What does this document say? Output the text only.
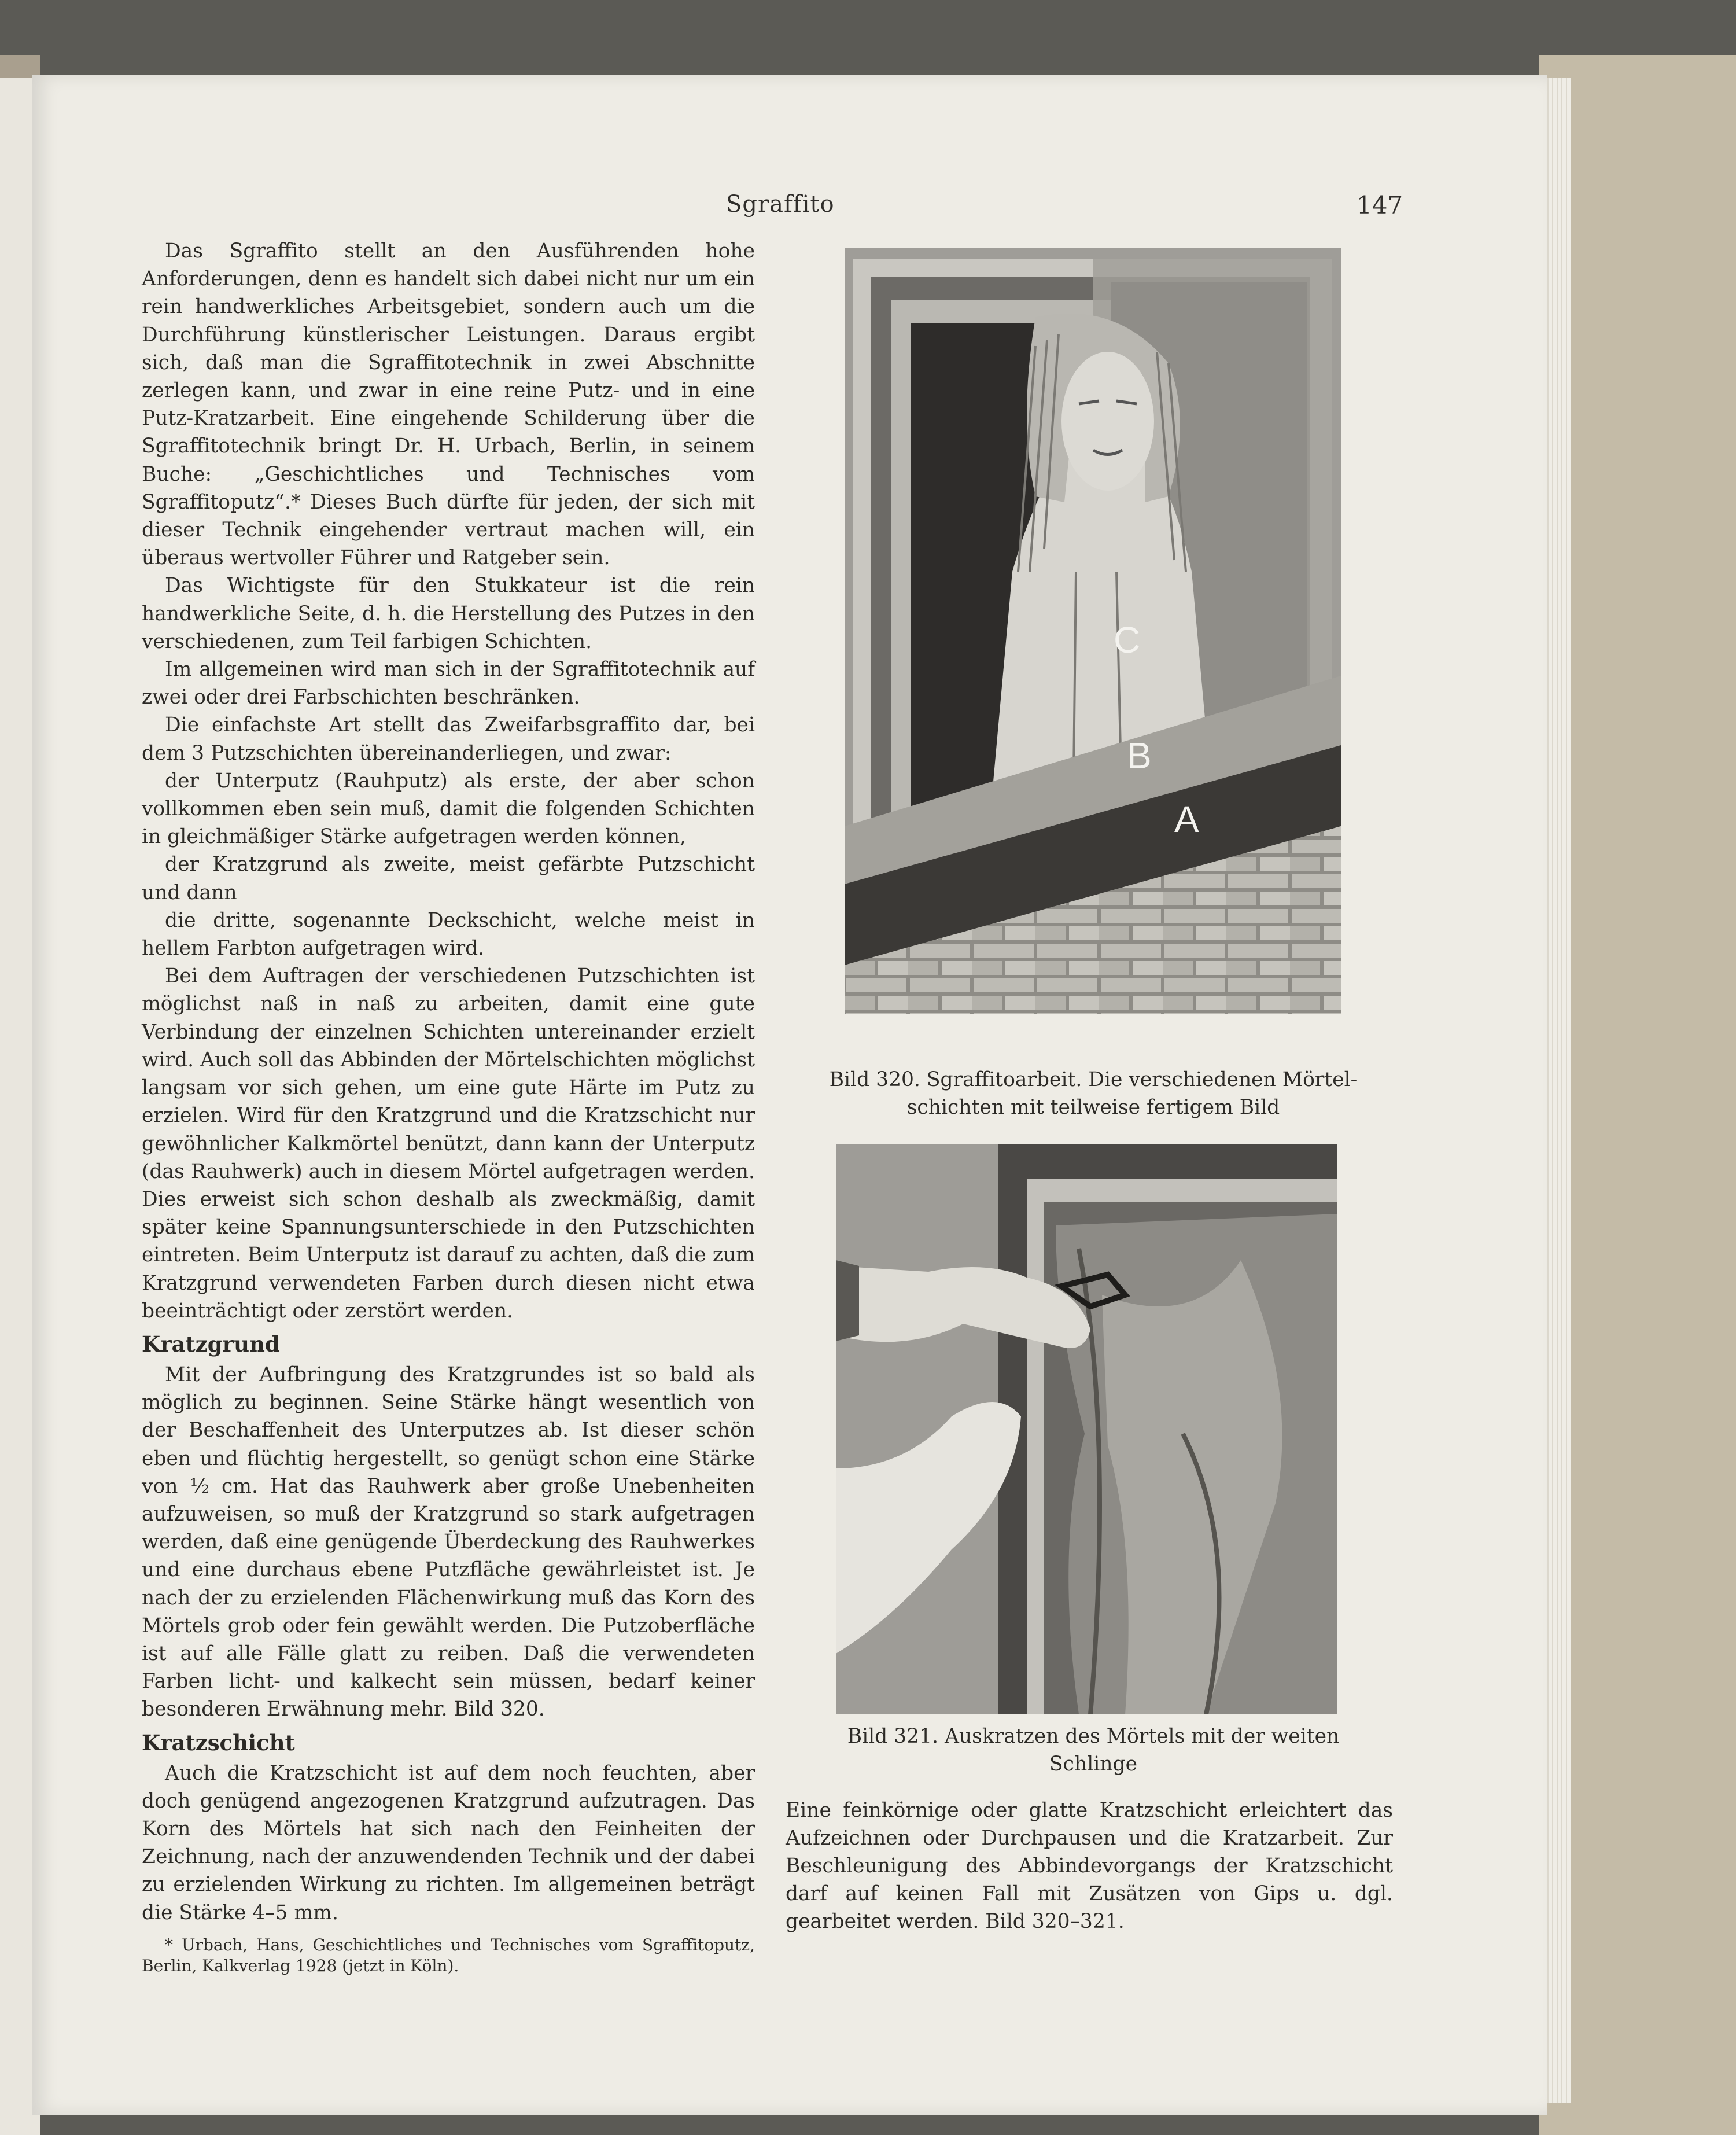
Sgraffito	147

Das Sgraffito stellt an den Ausführenden hohe Anforderungen, denn es handelt sich dabei nicht nur um ein rein handwerkliches Arbeitsgebiet, sondern auch um die Durchführung künstlerischer Leistungen. Daraus ergibt sich, daß man die Sgraffitotechnik in zwei Abschnitte zerlegen kann, und zwar in eine reine Putz- und in eine Putz-Kratzarbeit. Eine eingehende Schilderung über die Sgraffitotechnik bringt Dr. H. Urbach, Berlin, in seinem Buche: „Geschichtliches und Technisches vom Sgraffitoputz“.* Dieses Buch dürfte für jeden, der sich mit dieser Technik eingehender vertraut machen will, ein überaus wertvoller Führer und Ratgeber sein.

Das Wichtigste für den Stukkateur ist die rein handwerkliche Seite, d. h. die Herstellung des Putzes in den verschiedenen, zum Teil farbigen Schichten.

Im allgemeinen wird man sich in der Sgraffitotechnik auf zwei oder drei Farbschichten beschränken.

Die einfachste Art stellt das Zweifarbsgraffito dar, bei dem 3 Putzschichten übereinanderliegen, und zwar:

der Unterputz (Rauhputz) als erste, der aber schon vollkommen eben sein muß, damit die folgenden Schichten in gleichmäßiger Stärke aufgetragen werden können,

der Kratzgrund als zweite, meist gefärbte Putzschicht und dann

die dritte, sogenannte Deckschicht, welche meist in hellem Farbton aufgetragen wird.

Bei dem Auftragen der verschiedenen Putzschichten ist möglichst naß in naß zu arbeiten, damit eine gute Verbindung der einzelnen Schichten untereinander erzielt wird. Auch soll das Abbinden der Mörtelschichten möglichst langsam vor sich gehen, um eine gute Härte im Putz zu erzielen. Wird für den Kratzgrund und die Kratzschicht nur gewöhnlicher Kalkmörtel benützt, dann kann der Unterputz (das Rauhwerk) auch in diesem Mörtel aufgetragen werden. Dies erweist sich schon deshalb als zweckmäßig, damit später keine Spannungsunterschiede in den Putzschichten eintreten. Beim Unterputz ist darauf zu achten, daß die zum Kratzgrund verwendeten Farben durch diesen nicht etwa beeinträchtigt oder zerstört werden.

Kratzgrund

Mit der Aufbringung des Kratzgrundes ist so bald als möglich zu beginnen. Seine Stärke hängt wesentlich von der Beschaffenheit des Unterputzes ab. Ist dieser schön eben und flüchtig hergestellt, so genügt schon eine Stärke von ½ cm. Hat das Rauhwerk aber große Unebenheiten aufzuweisen, so muß der Kratzgrund so stark aufgetragen werden, daß eine genügende Überdeckung des Rauhwerkes und eine durchaus ebene Putzfläche gewährleistet ist. Je nach der zu erzielenden Flächenwirkung muß das Korn des Mörtels grob oder fein gewählt werden. Die Putzoberfläche ist auf alle Fälle glatt zu reiben. Daß die verwendeten Farben licht- und kalkecht sein müssen, bedarf keiner besonderen Erwähnung mehr. Bild 320.

Kratzschicht

Auch die Kratzschicht ist auf dem noch feuchten, aber doch genügend angezogenen Kratzgrund aufzutragen. Das Korn des Mörtels hat sich nach den Feinheiten der Zeichnung, nach der anzuwendenden Technik und der dabei zu erzielenden Wirkung zu richten. Im allgemeinen beträgt die Stärke 4–5 mm.

* Urbach, Hans, Geschichtliches und Technisches vom Sgraffitoputz, Berlin, Kalkverlag 1928 (jetzt in Köln).
C
B
A
Bild 320. Sgraffitoarbeit. Die verschiedenen Mörtel-
schichten mit teilweise fertigem Bild
Bild 321. Auskratzen des Mörtels mit der weiten
Schlinge

Eine feinkörnige oder glatte Kratzschicht erleichtert das Aufzeichnen oder Durchpausen und die Kratzarbeit. Zur Beschleunigung des Abbindevorgangs der Kratzschicht darf auf keinen Fall mit Zusätzen von Gips u. dgl. gearbeitet werden. Bild 320–321.
